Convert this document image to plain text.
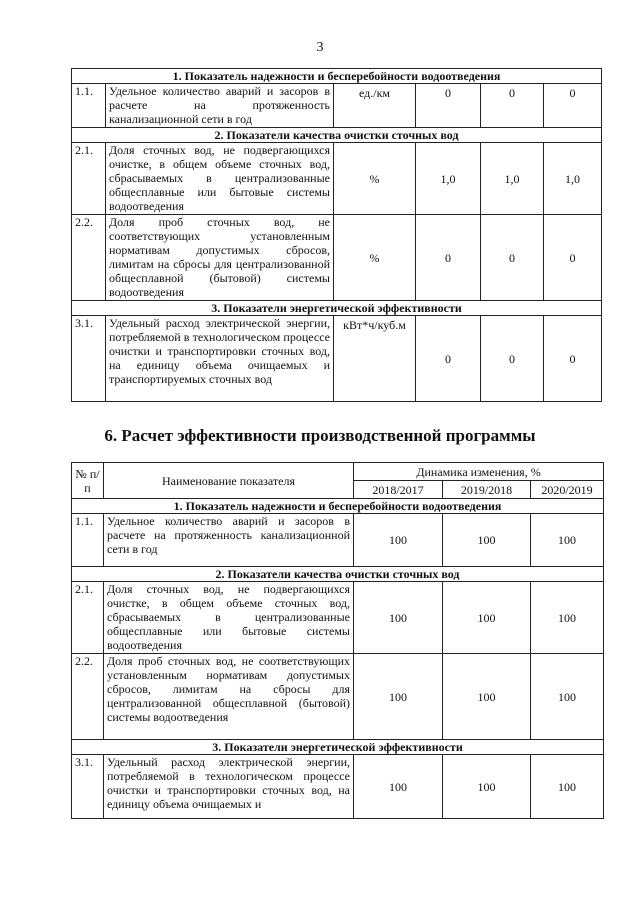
3
1. Показатель надежности и бесперебойности водоотведения					
1.1.	Удельное количество аварий и засоров в расчете на протяженность канализационной сети в год	ед./км	0	0	0
2. Показатели качества очистки сточных вод					
2.1.	Доля сточных вод, не подвергающихся очистке, в общем объеме сточных вод, сбрасываемых в централизованные общесплавные или бытовые системы водоотведения	%	1,0	1,0	1,0
2.2.	Доля проб сточных вод, не соответствующих установленным нормативам допустимых сбросов, лимитам на сбросы для централизованной общесплавной (бытовой) системы водоотведения	%	0	0	0
3. Показатели энергетической эффективности					
3.1.	Удельный расход электрической энергии, потребляемой в технологическом процессе очистки и транспортировки сточных вод, на единицу объема очищаемых и транспортируемых сточных вод	кВт*ч/куб.м	0	0	0
6. Расчет эффективности производственной программы
№ п/п	Наименование показателя	Динамика изменения, %		
		2018/2017	2019/2018	2020/2019
1. Показатель надежности и бесперебойности водоотведения				
1.1.	Удельное количество аварий и засоров в расчете на протяженность канализационной сети в год	100	100	100
2. Показатели качества очистки сточных вод				
2.1.	Доля сточных вод, не подвергающихся очистке, в общем объеме сточных вод, сбрасываемых в централизованные общесплавные или бытовые системы водоотведения	100	100	100
2.2.	Доля проб сточных вод, не соответствующих установленным нормативам допустимых сбросов, лимитам на сбросы для централизованной общесплавной (бытовой) системы водоотведения	100	100	100
3. Показатели энергетической эффективности				
3.1.	Удельный расход электрической энергии, потребляемой в технологическом процессе очистки и транспортировки сточных вод, на единицу объема очищаемых и	100	100	100
